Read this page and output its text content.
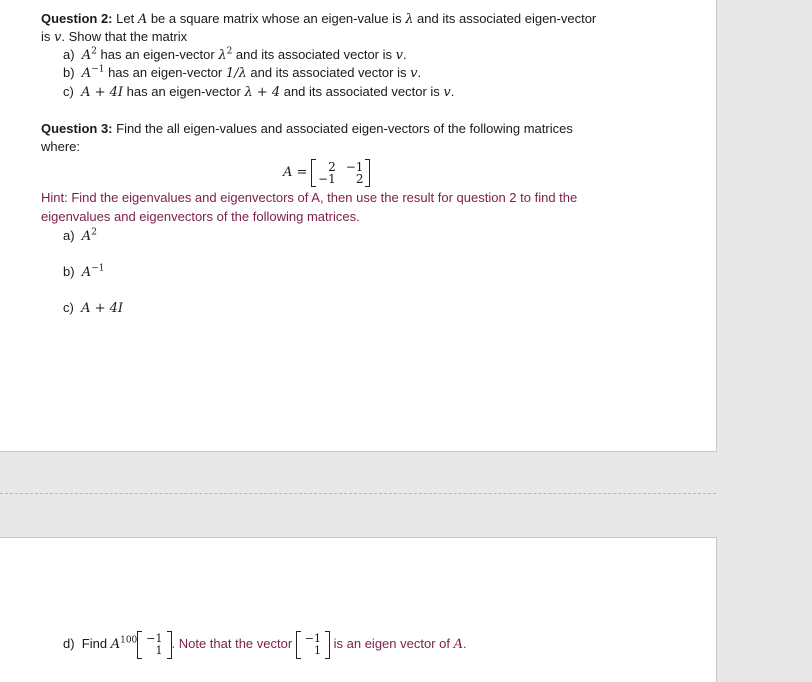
Question 2: Let A be a square matrix whose an eigen-value is λ and its associated eigen-vector
is v. Show that the matrix
a) $A^2$ has an eigen-vector $\lambda^2$ and its associated vector is v.
b) $A^{-1}$ has an eigen-vector 1/λ and its associated vector is v.
c) A + 4I has an eigen-vector λ + 4 and its associated vector is v.
Question 3: Find the all eigen-values and associated eigen-vectors of the following matrices
where:
A =	2 −1
−1	2
Hint: Find the eigenvalues and eigenvectors of A, then use the result for question 2 to find the
eigenvalues and eigenvectors of the following matrices.
a) $A^2$
b) $A^{-1}$
c) A + 4I
d) Find $A^{100} -1$
1 . Note that the vector −1
1 is an eigen vector of A.
